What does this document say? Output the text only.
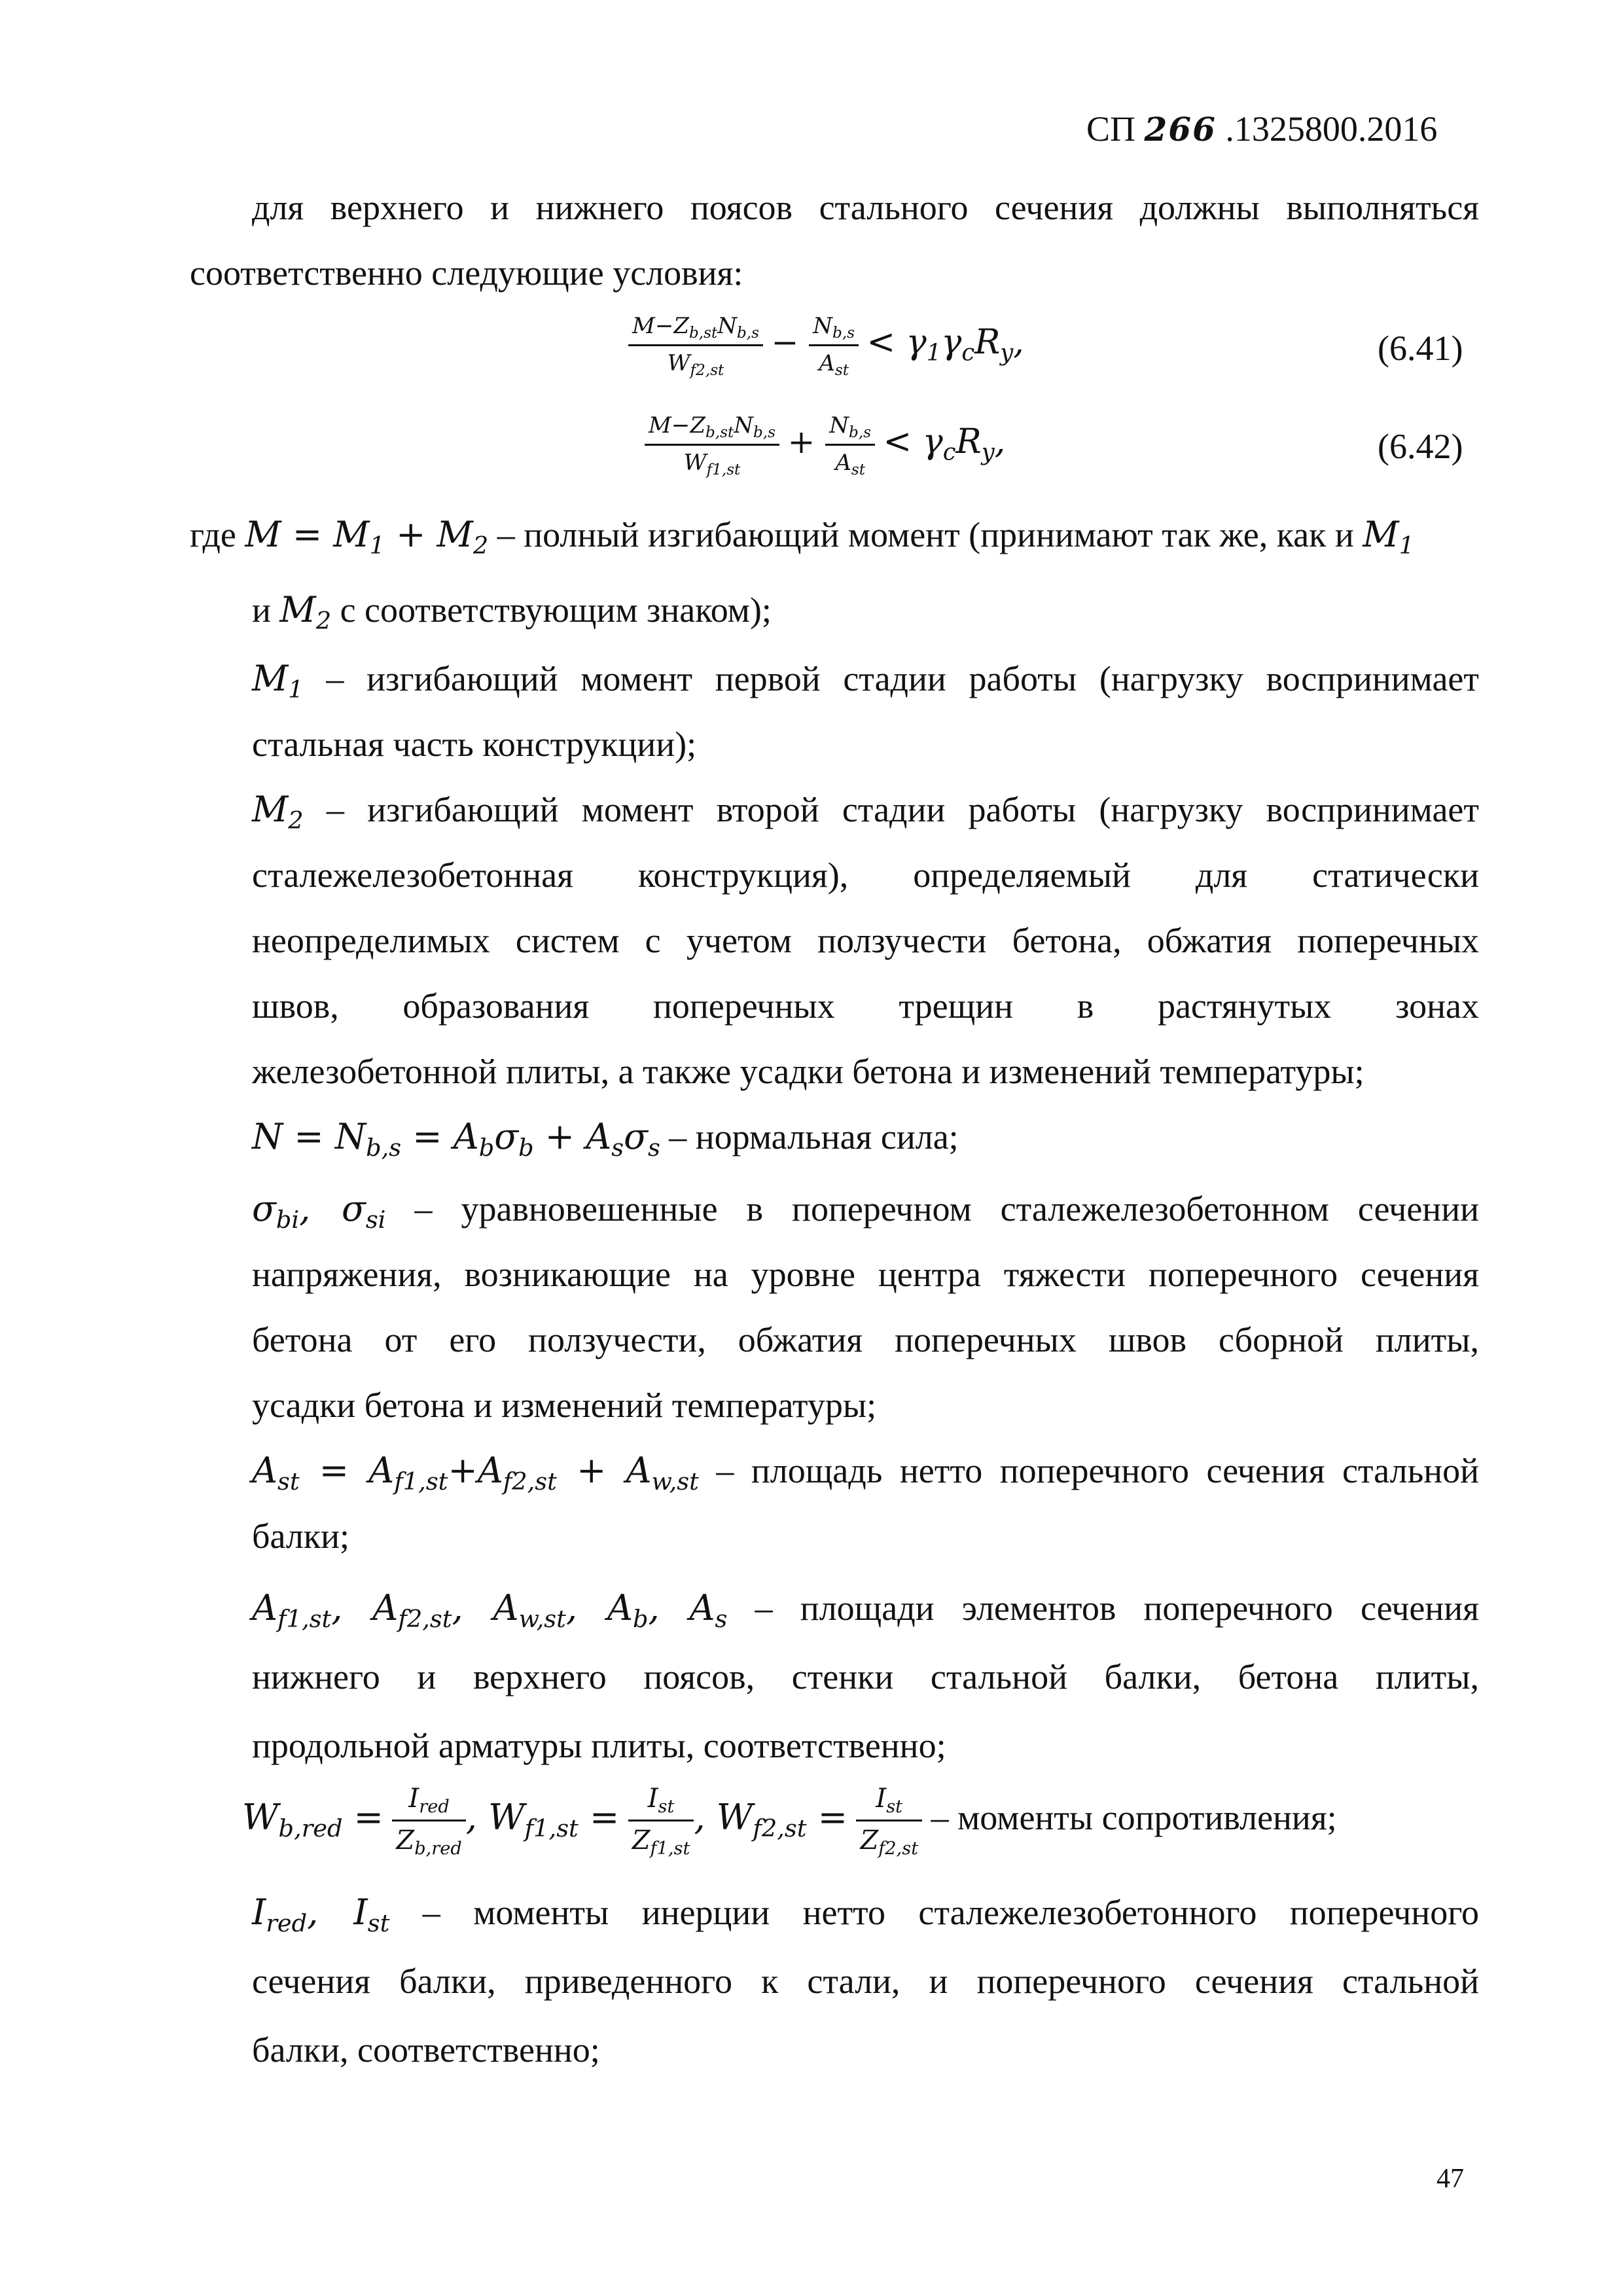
СП 266 .1325800.2016
для верхнего и нижнего поясов стального сечения должны выполняться
соответственно следующие условия:
$\frac{M-Z_{b,st}N_{b,s}}{W_{f2,st}} - \frac{N_{b,s}}{A_{st}} < \gamma_1\gamma_cR_y$,	(6.41)
$\frac{M-Z_{b,st}N_{b,s}}{W_{f1,st}} + \frac{N_{b,s}}{A_{st}} < \gamma_cR_y$,	(6.42)
где $M = M_1 + M_2$ – полный изгибающий момент (принимают так же, как и $M_1$
и $M_2$ с соответствующим знаком);
$M_1$ – изгибающий момент первой стадии работы (нагрузку воспринимает
стальная часть конструкции);
$M_2$ – изгибающий момент второй стадии работы (нагрузку воспринимает
сталежелезобетонная конструкция), определяемый для статически
неопределимых систем с учетом ползучести бетона, обжатия поперечных
швов, образования поперечных трещин в растянутых зонах
железобетонной плиты, а также усадки бетона и изменений температуры;
$N = N_{b,s} = A_b\sigma_b + A_s\sigma_s$ – нормальная сила;
$\sigma_{bi}$, $\sigma_{si}$ – уравновешенные в поперечном сталежелезобетонном сечении
напряжения, возникающие на уровне центра тяжести поперечного сечения
бетона от его ползучести, обжатия поперечных швов сборной плиты,
усадки бетона и изменений температуры;
$A_{st} = A_{f1,st}+A_{f2,st} + A_{w,st}$ – площадь нетто поперечного сечения стальной
балки;
$A_{f1,st}$, $A_{f2,st}$, $A_{w,st}$, $A_b$, $A_s$ – площади элементов поперечного сечения
нижнего и верхнего поясов, стенки стальной балки, бетона плиты,
продольной арматуры плиты, соответственно;
$W_{b,red} = \frac{I_{red}}{Z_{b,red}}$ , $W_{f1,st} = \frac{I_{st}}{Z_{f1,st}}$ , $W_{f2,st} = \frac{I_{st}}{Z_{f2,st}}$ – моменты сопротивления;
$I_{red}$, $I_{st}$ – моменты инерции нетто сталежелезобетонного поперечного
сечения балки, приведенного к стали, и поперечного сечения стальной
балки, соответственно;
47
